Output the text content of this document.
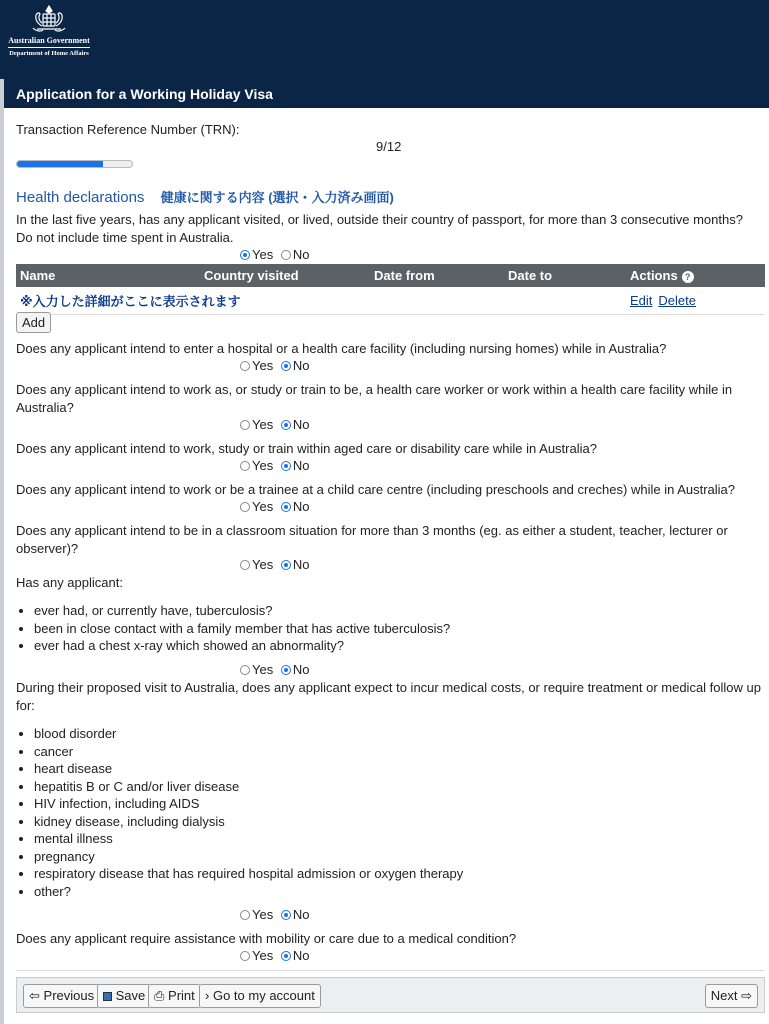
Australian Government
Department of Home Affairs
Application for a Working Holiday Visa
Transaction Reference Number (TRN):
9/12
Health declarations 健康に関する内容 (選択・入力済み画面)
In the last five years, has any applicant visited, or lived, outside their country of passport, for more than 3 consecutive months? Do not include time spent in Australia.
Yes No
Name	Country visited	Date from	Date to	Actions ?
※入力した詳細がここに表示されます				Edit Delete
Add
Does any applicant intend to enter a hospital or a health care facility (including nursing homes) while in Australia?
Yes No
Does any applicant intend to work as, or study or train to be, a health care worker or work within a health care facility while in Australia?
Yes No
Does any applicant intend to work, study or train within aged care or disability care while in Australia?
Yes No
Does any applicant intend to work or be a trainee at a child care centre (including preschools and creches) while in Australia?
Yes No
Does any applicant intend to be in a classroom situation for more than 3 months (eg. as either a student, teacher, lecturer or observer)?
Yes No
Has any applicant:
• ever had, or currently have, tuberculosis?
• been in close contact with a family member that has active tuberculosis?
• ever had a chest x-ray which showed an abnormality?
Yes No
During their proposed visit to Australia, does any applicant expect to incur medical costs, or require treatment or medical follow up for:
• blood disorder
• cancer
• heart disease
• hepatitis B or C and/or liver disease
• HIV infection, including AIDS
• kidney disease, including dialysis
• mental illness
• pregnancy
• respiratory disease that has required hospital admission or oxygen therapy
• other?
Yes No
Does any applicant require assistance with mobility or care due to a medical condition?
Yes No
⇦ Previous	Save ⎙ Print › Go to my account	Next ⇨
